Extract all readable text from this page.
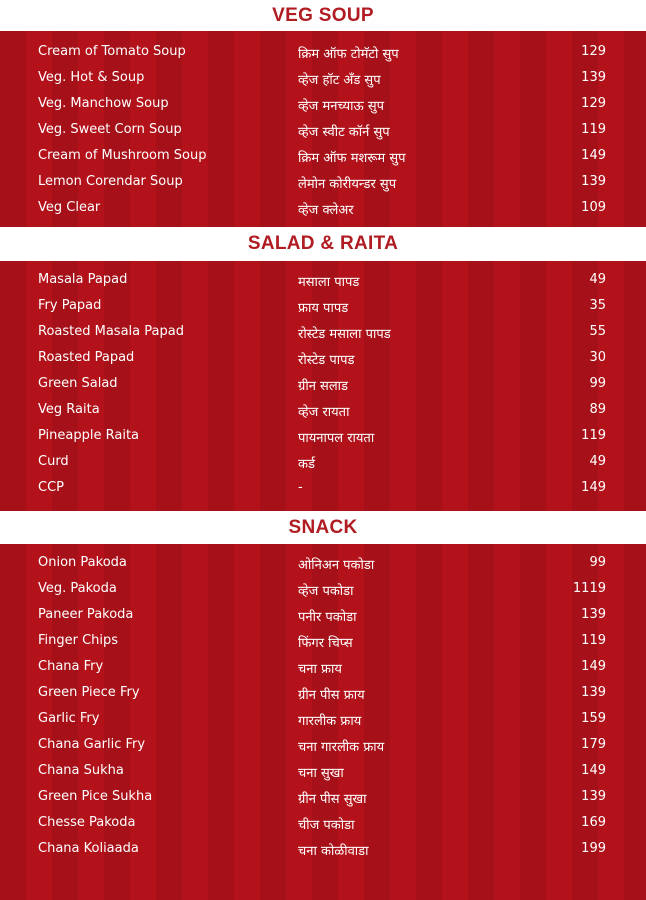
VEG SOUP
Cream of Tomato Soup	क्रिम ऑफ टोमॅटो सुप	129
Veg. Hot & Soup	व्हेज हॉट अँड सुप	139
Veg. Manchow Soup	व्हेज मनच्याऊ सुप	129
Veg. Sweet Corn Soup	व्हेज स्वीट कॉर्न सुप	119
Cream of Mushroom Soup	क्रिम ऑफ मशरूम सुप	149
Lemon Corendar Soup	लेमोन कोरीयन्डर सुप	139
Veg Clear	व्हेज क्लेअर	109
SALAD & RAITA
Masala Papad	मसाला पापड	49
Fry Papad	फ्राय पापड	35
Roasted Masala Papad	रोस्टेड मसाला पापड	55
Roasted Papad	रोस्टेड पापड	30
Green Salad	ग्रीन सलाड	99
Veg Raita	व्हेज रायता	89
Pineapple Raita	पायनापल रायता	119
Curd	कर्ड	49
CCP	-	149
SNACK
Onion Pakoda	ओनिअन पकोडा	99
Veg. Pakoda	व्हेज पकोडा	1119
Paneer Pakoda	पनीर पकोडा	139
Finger Chips	फिंगर चिप्स	119
Chana Fry	चना फ्राय	149
Green Piece Fry	ग्रीन पीस फ्राय	139
Garlic Fry	गारलीक फ्राय	159
Chana Garlic Fry	चना गारलीक फ्राय	179
Chana Sukha	चना सुखा	149
Green Pice Sukha	ग्रीन पीस सुखा	139
Chesse Pakoda	चीज पकोडा	169
Chana Koliaada	चना कोळीवाडा	199
